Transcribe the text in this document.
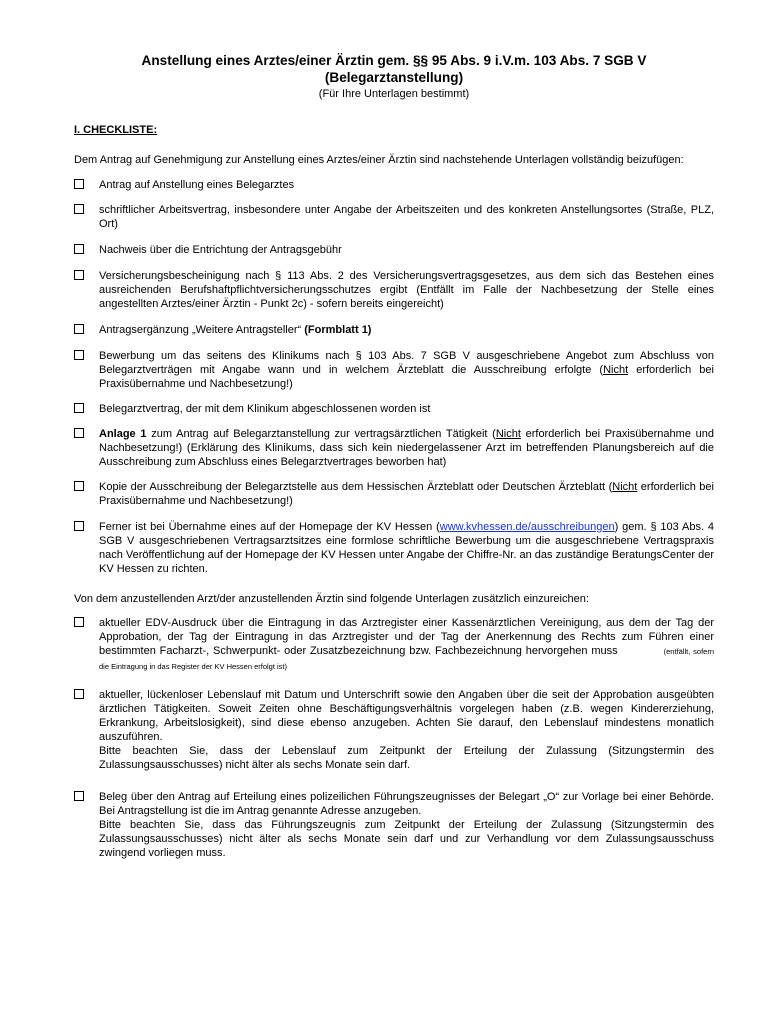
Anstellung eines Arztes/einer Ärztin gem. §§ 95 Abs. 9 i.V.m. 103 Abs. 7 SGB V

(Belegarztanstellung)

(Für Ihre Unterlagen bestimmt)

I. CHECKLISTE:

Dem Antrag auf Genehmigung zur Anstellung eines Arztes/einer Ärztin sind nachstehende Unterlagen vollständig beizufügen:

Antrag auf Anstellung eines Belegarztes
schriftlicher Arbeitsvertrag, insbesondere unter Angabe der Arbeitszeiten und des konkreten Anstellungsortes (Straße, PLZ, Ort)
Nachweis über die Entrichtung der Antragsgebühr
Versicherungsbescheinigung nach § 113 Abs. 2 des Versicherungsvertragsgesetzes, aus dem sich das Bestehen eines ausreichenden Berufshaftpflichtversicherungsschutzes ergibt (Entfällt im Falle der Nachbesetzung der Stelle eines angestellten Arztes/einer Ärztin - Punkt 2c) - sofern bereits eingereicht)
Antragsergänzung „Weitere Antragsteller“ (Formblatt 1)
Bewerbung um das seitens des Klinikums nach § 103 Abs. 7 SGB V ausgeschriebene Angebot zum Abschluss von Belegarztverträgen mit Angabe wann und in welchem Ärzteblatt die Ausschreibung erfolgte (Nicht erforderlich bei Praxisübernahme und Nachbesetzung!)
Belegarztvertrag, der mit dem Klinikum abgeschlossenen worden ist
Anlage 1 zum Antrag auf Belegarztanstellung zur vertragsärztlichen Tätigkeit (Nicht erforderlich bei Praxisübernahme und Nachbesetzung!) (Erklärung des Klinikums, dass sich kein niedergelassener Arzt im betreffenden Planungsbereich auf die Ausschreibung zum Abschluss eines Belegarztvertrages beworben hat)
Kopie der Ausschreibung der Belegarztstelle aus dem Hessischen Ärzteblatt oder Deutschen Ärzteblatt (Nicht erforderlich bei Praxisübernahme und Nachbesetzung!)
Ferner ist bei Übernahme eines auf der Homepage der KV Hessen (www.kvhessen.de/ausschreibungen) gem. § 103 Abs. 4 SGB V ausgeschriebenen Vertragsarztsitzes eine formlose schriftliche Bewerbung um die ausgeschriebene Vertragspraxis nach Veröffentlichung auf der Homepage der KV Hessen unter Angabe der Chiffre-Nr. an das zuständige BeratungsCenter der KV Hessen zu richten.

Von dem anzustellenden Arzt/der anzustellenden Ärztin sind folgende Unterlagen zusätzlich einzureichen:

aktueller EDV-Ausdruck über die Eintragung in das Arztregister einer Kassenärztlichen Vereinigung, aus dem der Tag der Approbation, der Tag der Eintragung in das Arztregister und der Tag der Anerkennung des Rechts zum Führen einer bestimmten Facharzt-, Schwerpunkt- oder Zusatzbezeichnung bzw. Fachbezeichnung hervorgehen muss	(entfällt, sofern die Eintragung in das Register der KV Hessen erfolgt ist)
aktueller, lückenloser Lebenslauf mit Datum und Unterschrift sowie den Angaben über die seit der Approbation ausgeübten ärztlichen Tätigkeiten. Soweit Zeiten ohne Beschäftigungsverhältnis vorgelegen haben (z.B. wegen Kindererziehung, Erkrankung, Arbeitslosigkeit), sind diese ebenso anzugeben. Achten Sie darauf, den Lebenslauf mindestens monatlich auszuführen.
Bitte beachten Sie, dass der Lebenslauf zum Zeitpunkt der Erteilung der Zulassung (Sitzungstermin des Zulassungsausschusses) nicht älter als sechs Monate sein darf.
Beleg über den Antrag auf Erteilung eines polizeilichen Führungszeugnisses der Belegart „O“ zur Vorlage bei einer Behörde. Bei Antragstellung ist die im Antrag genannte Adresse anzugeben.
Bitte beachten Sie, dass das Führungszeugnis zum Zeitpunkt der Erteilung der Zulassung (Sitzungstermin des Zulassungsausschusses) nicht älter als sechs Monate sein darf und zur Verhandlung vor dem Zulassungsausschuss zwingend vorliegen muss.
